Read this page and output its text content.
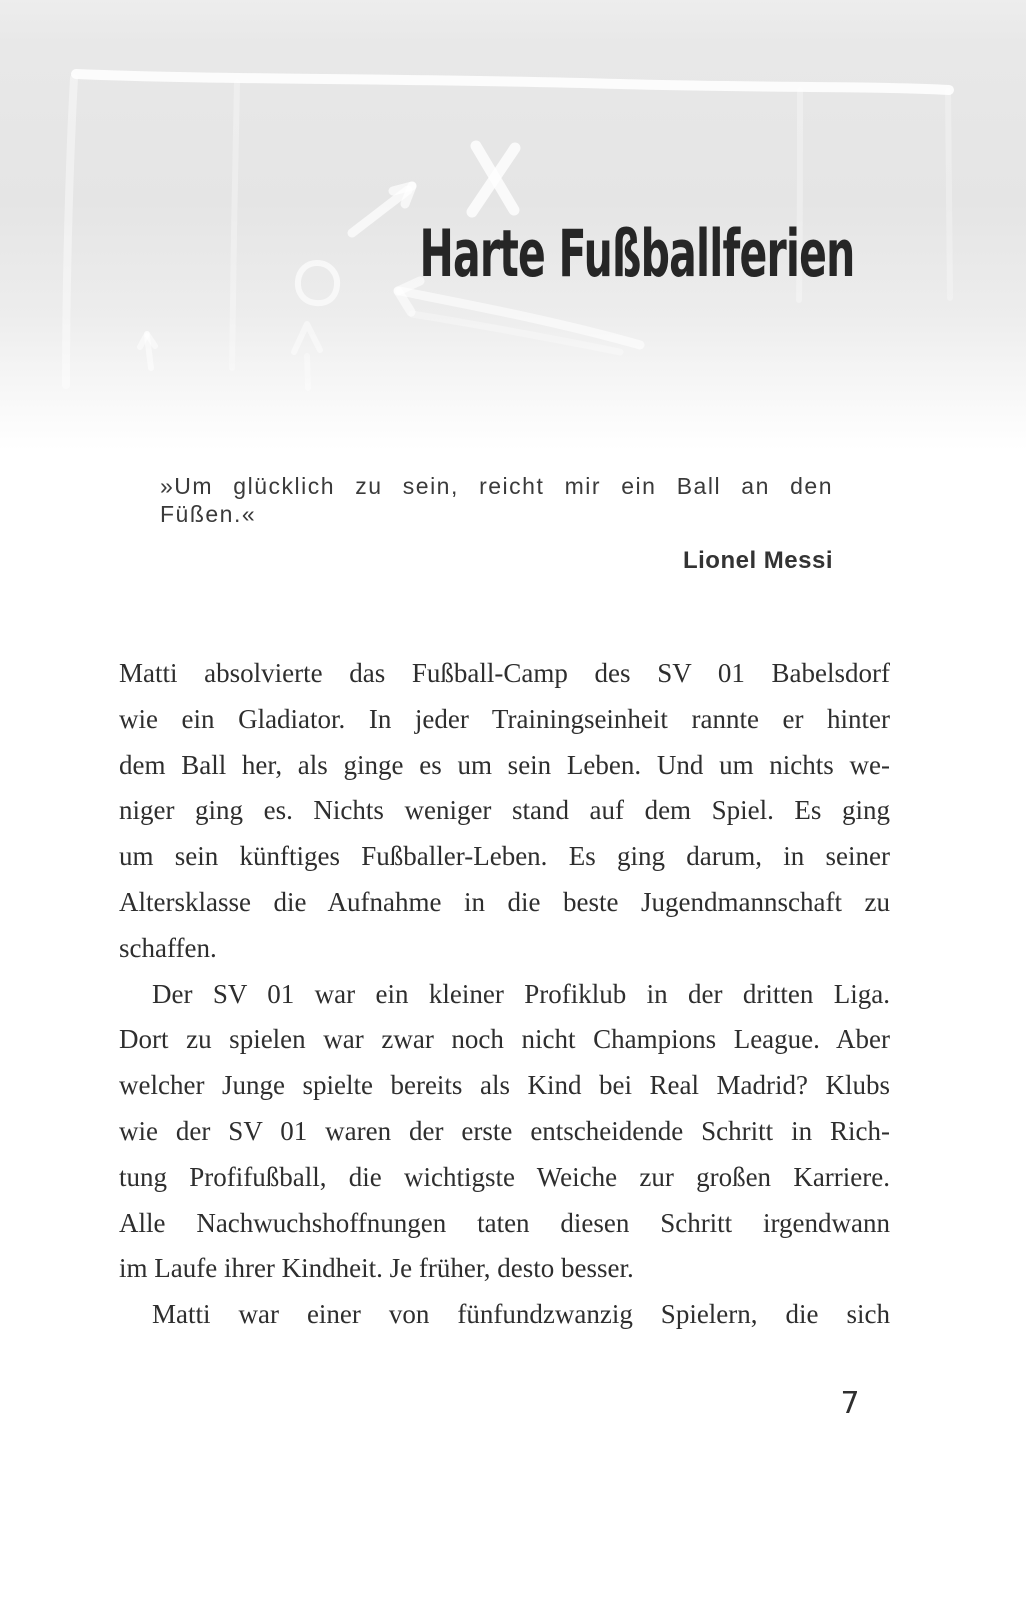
Harte Fußballferien
»Um glücklich zu sein, reicht mir ein Ball an den Füßen.«
Lionel Messi
Matti absolvierte das Fußball-Camp des SV 01 Babelsdorf
wie ein Gladiator. In jeder Trainingseinheit rannte er hinter
dem Ball her, als ginge es um sein Leben. Und um nichts we-
niger ging es. Nichts weniger stand auf dem Spiel. Es ging
um sein künftiges Fußballer-Leben. Es ging darum, in seiner
Altersklasse die Aufnahme in die beste Jugendmannschaft zu
schaffen.
Der SV 01 war ein kleiner Profiklub in der dritten Liga.
Dort zu spielen war zwar noch nicht Champions League. Aber
welcher Junge spielte bereits als Kind bei Real Madrid? Klubs
wie der SV 01 waren der erste entscheidende Schritt in Rich-
tung Profifußball, die wichtigste Weiche zur großen Karriere.
Alle Nachwuchshoffnungen taten diesen Schritt irgendwann
im Laufe ihrer Kindheit. Je früher, desto besser.
Matti war einer von fünfundzwanzig Spielern, die sich
7
